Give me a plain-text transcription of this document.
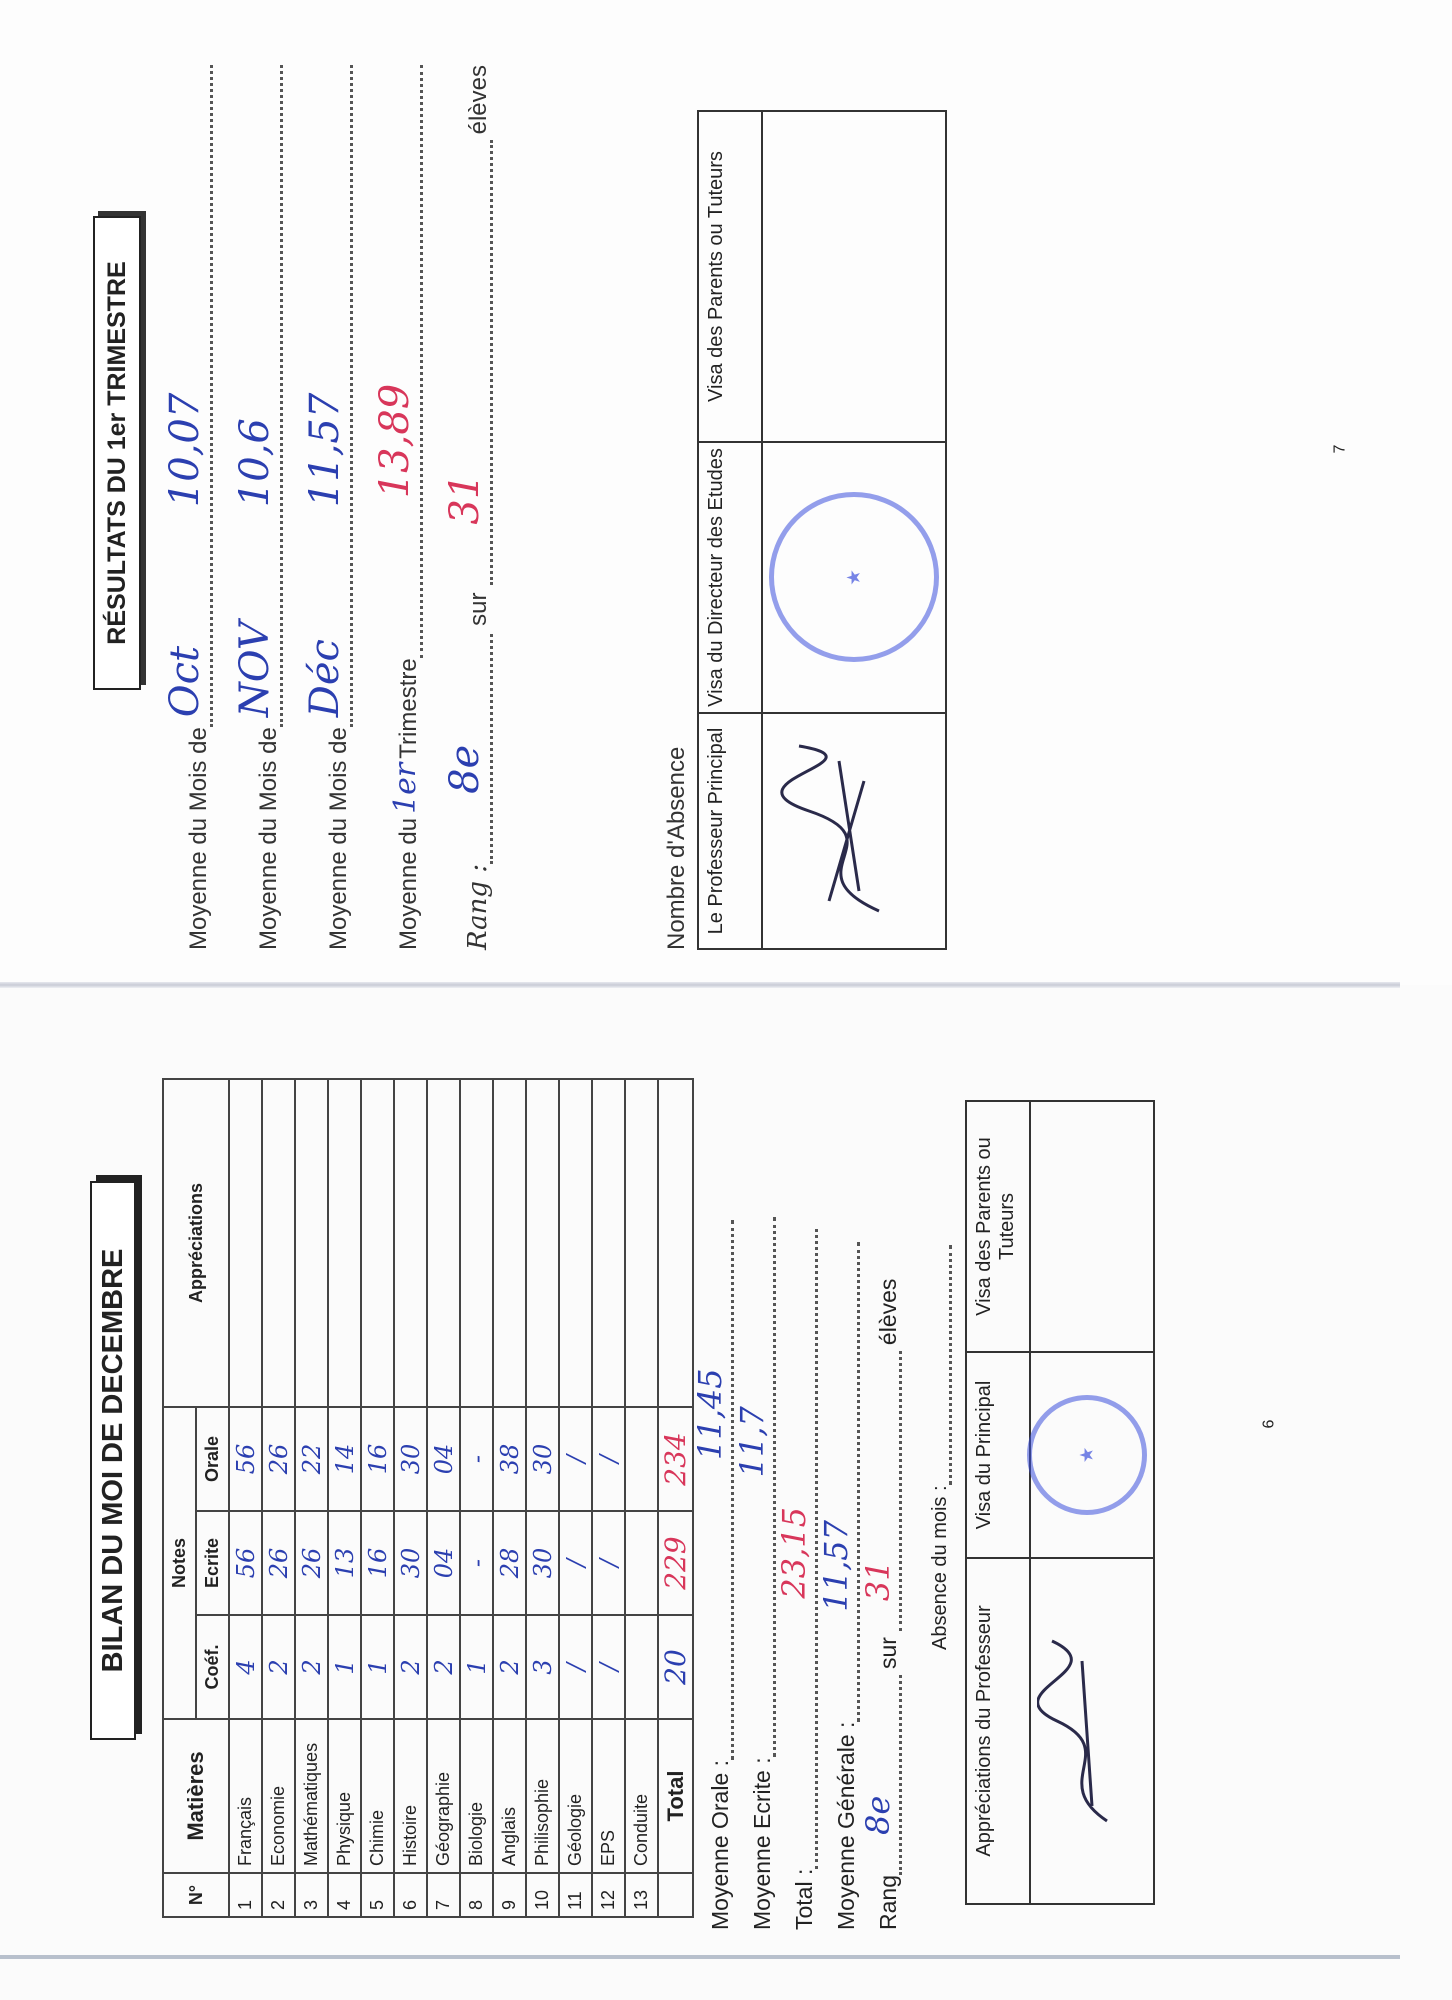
RÉSULTATS DU 1er TRIMESTRE
Moyenne du Mois de
Oct
10,07
Moyenne du Mois de
NOV
10,6
Moyenne du Mois de
Déc
11,57
Moyenne du
1er
Trimestre
13,89
Rang :
8e
sur
31
élèves
Nombre d'Absence Le Professeur Principal	Visa du Directeur des Etudes	Visa des Parents ou Tuteurs

★	

7
BILAN DU MOI DE DECEMBRE
N°	Matières	Notes			Appréciations
		Coéf.	Ecrite	Orale	
1	Français	4	56	56	
2	Economie	2	26	26	
3	Mathématiques	2	26	22	
4	Physique	1	13	14	
5	Chimie	1	16	16	
6	Histoire	2	30	30	
7	Géographie	2	04	04	
8	Biologie	1	-	-	
9	Anglais	2	28	38	
10	Philisophie	3	30	30	
11	Géologie	/	/	/	
12	EPS	/	/	/	
13	Conduite				
	Total	20	229	234	
Moyenne Orale :
11,45
Moyenne Ecrite :
11,7
Total :
23,15
Moyenne Générale :
11,57
Rang
8e
sur
31
élèves
Absence du mois :
Appréciations du Professeur	Visa du Principal	Visa des Parents ou Tuteurs

★	

6
